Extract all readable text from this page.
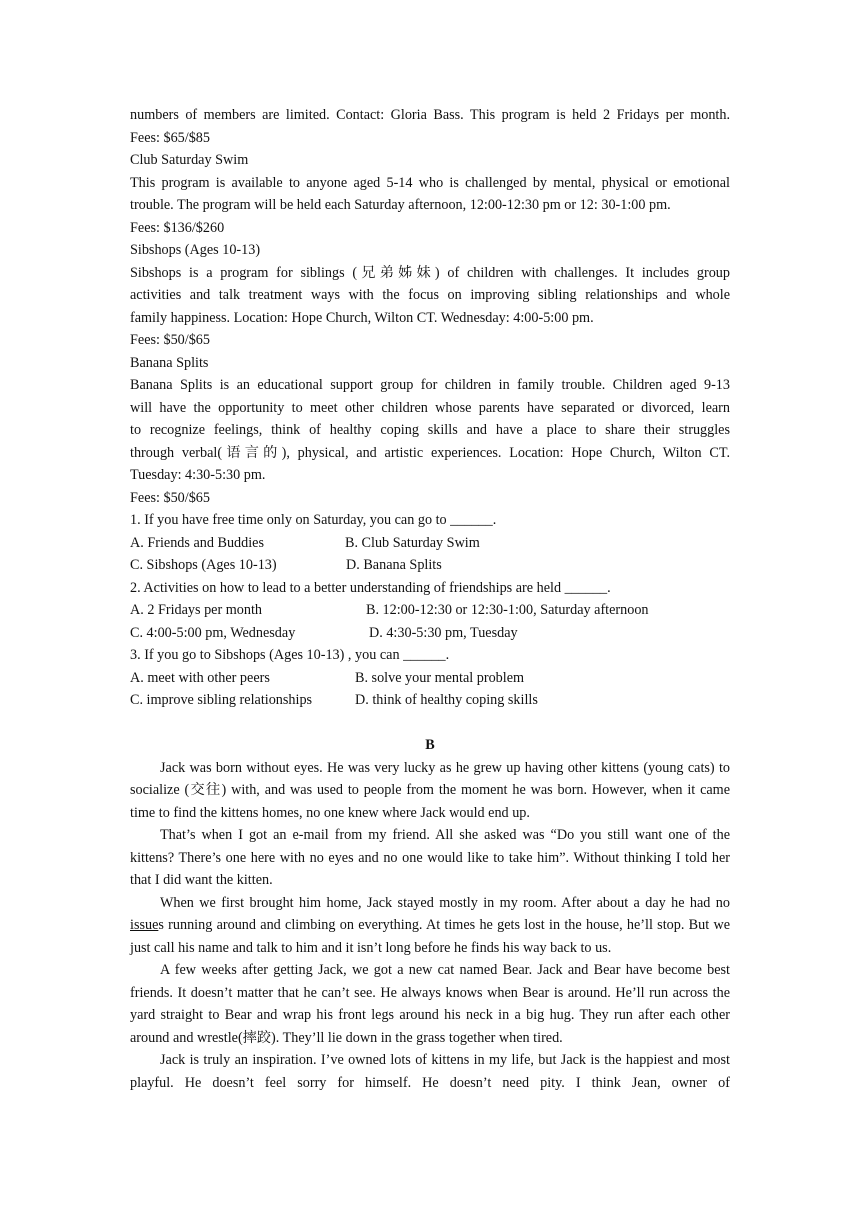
numbers of members are limited. Contact: Gloria Bass. This program is held 2 Fridays per month.
Fees: $65/$85
Club Saturday Swim
This program is available to anyone aged 5-14 who is challenged by mental, physical or emotional
trouble. The program will be held each Saturday afternoon, 12:00-12:30 pm or 12: 30-1:00 pm.
Fees: $136/$260
Sibshops (Ages 10-13)
Sibshops is a program for siblings (兄弟姊妹) of children with challenges. It includes group
activities and talk treatment ways with the focus on improving sibling relationships and whole
family happiness. Location: Hope Church, Wilton CT. Wednesday: 4:00-5:00 pm.
Fees: $50/$65
Banana Splits
Banana Splits is an educational support group for children in family trouble. Children aged 9-13
will have the opportunity to meet other children whose parents have separated or divorced, learn
to recognize feelings, think of healthy coping skills and have a place to share their struggles
through verbal(语言的), physical, and artistic experiences. Location: Hope Church, Wilton CT.
Tuesday: 4:30-5:30 pm.
Fees: $50/$65
1. If you have free time only on Saturday, you can go to ______.
A. Friends and Buddies	B. Club Saturday Swim
C. Sibshops (Ages 10-13)	D. Banana Splits
2. Activities on how to lead to a better understanding of friendships are held ______.
A. 2 Fridays per month	B. 12:00-12:30 or 12:30-1:00, Saturday afternoon
C. 4:00-5:00 pm, Wednesday	D. 4:30-5:30 pm, Tuesday
3. If you go to Sibshops (Ages 10-13) , you can ______.
A. meet with other peers	B. solve your mental problem
C. improve sibling relationships	D. think of healthy coping skills
B
Jack was born without eyes. He was very lucky as he grew up having other kittens (young cats) to socialize (交往) with, and was used to people from the moment he was born. However, when it came time to find the kittens homes, no one knew where Jack would end up.
That’s when I got an e-mail from my friend. All she asked was “Do you still want one of the kittens? There’s one here with no eyes and no one would like to take him”. Without thinking I told her that I did want the kitten.
When we first brought him home, Jack stayed mostly in my room. After about a day he had no issues running around and climbing on everything. At times he gets lost in the house, he’ll stop. But we just call his name and talk to him and it isn’t long before he finds his way back to us.
A few weeks after getting Jack, we got a new cat named Bear. Jack and Bear have become best friends. It doesn’t matter that he can’t see. He always knows when Bear is around. He’ll run across the yard straight to Bear and wrap his front legs around his neck in a big hug. They run after each other around and wrestle(摔跤). They’ll lie down in the grass together when tired.
Jack is truly an inspiration. I’ve owned lots of kittens in my life, but Jack is the happiest and most playful. He doesn’t feel sorry for himself. He doesn’t need pity. I think Jean, owner of
